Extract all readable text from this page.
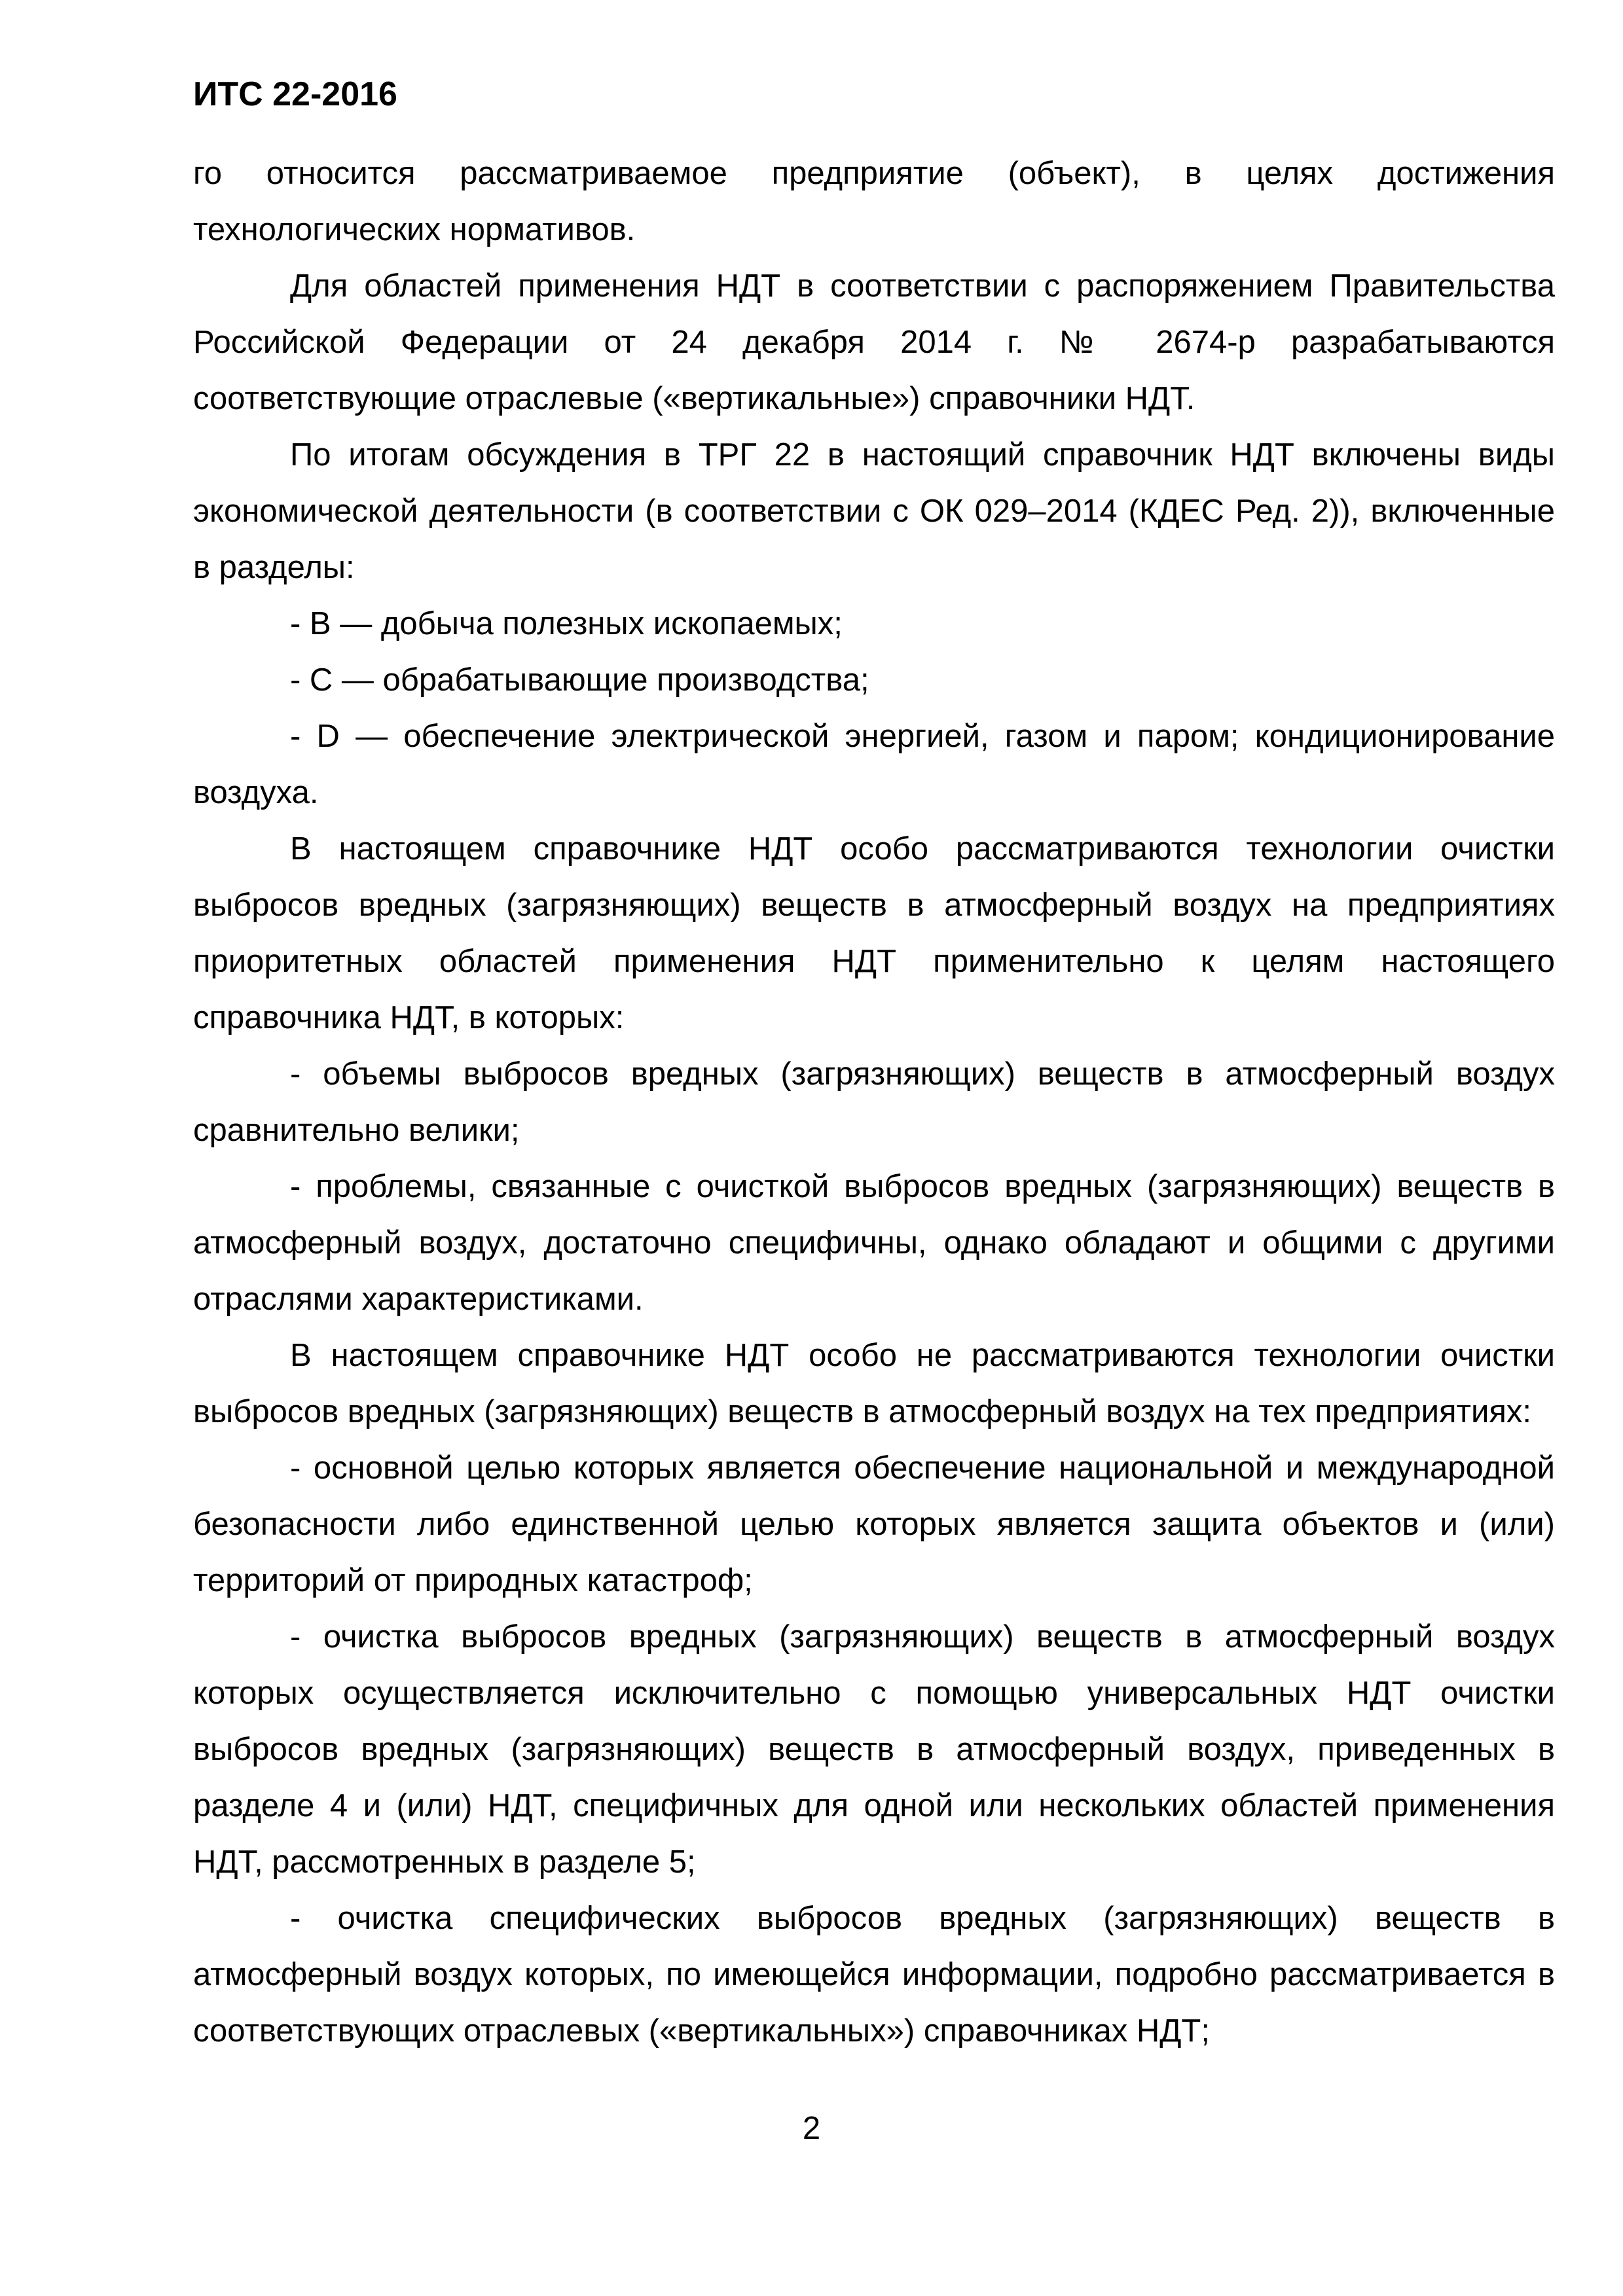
ИТС 22-2016

го относится рассматриваемое предприятие (объект), в целях достижения технологических нормативов.

Для областей применения НДТ в соответствии с распоряжением Правительства Российской Федерации от 24 декабря 2014 г. № 2674-р разрабатываются соответствующие отраслевые («вертикальные») справочники НДТ.

По итогам обсуждения в ТРГ 22 в настоящий справочник НДТ включены виды экономической деятельности (в соответствии с ОК 029–2014 (КДЕС Ред. 2)), включенные в разделы:

- В — добыча полезных ископаемых;

- С — обрабатывающие производства;

- D — обеспечение электрической энергией, газом и паром; кондиционирование воздуха.

В настоящем справочнике НДТ особо рассматриваются технологии очистки выбросов вредных (загрязняющих) веществ в атмосферный воздух на предприятиях приоритетных областей применения НДТ применительно к целям настоящего справочника НДТ, в которых:

- объемы выбросов вредных (загрязняющих) веществ в атмосферный воздух сравнительно велики;

- проблемы, связанные с очисткой выбросов вредных (загрязняющих) веществ в атмосферный воздух, достаточно специфичны, однако обладают и общими с другими отраслями характеристиками.

В настоящем справочнике НДТ особо не рассматриваются технологии очистки выбросов вредных (загрязняющих) веществ в атмосферный воздух на тех предприятиях:

- основной целью которых является обеспечение национальной и международной безопасности либо единственной целью которых является защита объектов и (или) территорий от природных катастроф;

- очистка выбросов вредных (загрязняющих) веществ в атмосферный воздух которых осуществляется исключительно с помощью универсальных НДТ очистки выбросов вредных (загрязняющих) веществ в атмосферный воздух, приведенных в разделе 4 и (или) НДТ, специфичных для одной или нескольких областей применения НДТ, рассмотренных в разделе 5;

- очистка специфических выбросов вредных (загрязняющих) веществ в атмосферный воздух которых, по имеющейся информации, подробно рассматривается в соответствующих отраслевых («вертикальных») справочниках НДТ;

2
